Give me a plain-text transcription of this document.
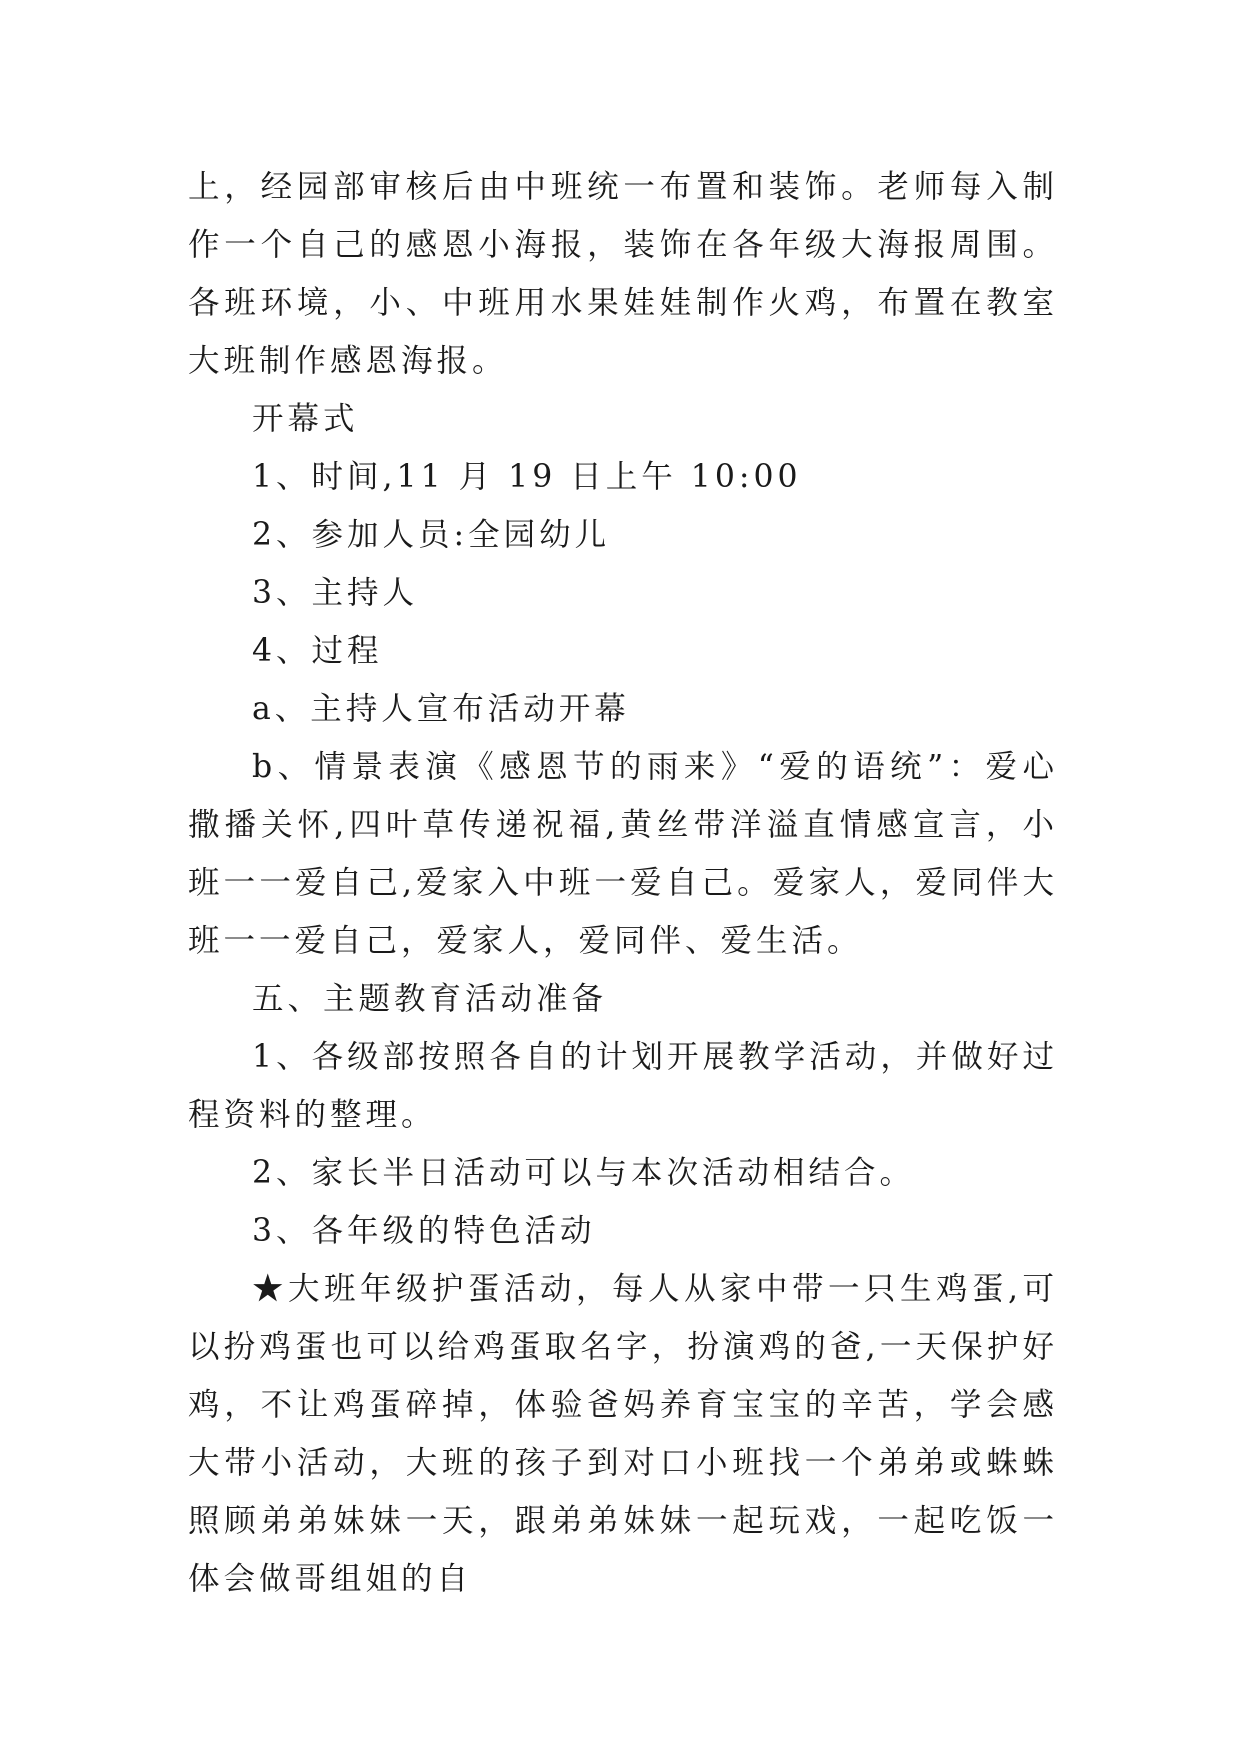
上，经园部审核后由中班统一布置和装饰。老师每入制作一个自己的感恩小海报，装饰在各年级大海报周围。各班环境，小、中班用水果娃娃制作火鸡，布置在教室大班制作感恩海报。

开幕式

1、时间,11 月 19 日上午 10:00

2、参加人员:全园幼儿

3、主持人

4、过程

a、主持人宣布活动开幕

b、情景表演《感恩节的雨来》“爱的语统”：爱心撒播关怀,四叶草传递祝福,黄丝带洋溢直情感宣言，小班一一爱自己,爱家入中班一爱自己。爱家人，爱同伴大班一一爱自己，爱家人，爱同伴、爱生活。

五、主题教育活动准备

1、各级部按照各自的计划开展教学活动，并做好过程资料的整理。

2、家长半日活动可以与本次活动相结合。

3、各年级的特色活动

★大班年级护蛋活动，每人从家中带一只生鸡蛋,可以扮鸡蛋也可以给鸡蛋取名字，扮演鸡的爸,一天保护好鸡，不让鸡蛋碎掉，体验爸妈养育宝宝的辛苦，学会感大带小活动，大班的孩子到对口小班找一个弟弟或蛛蛛照顾弟弟妹妹一天，跟弟弟妹妹一起玩戏，一起吃饭一体会做哥组姐的自
